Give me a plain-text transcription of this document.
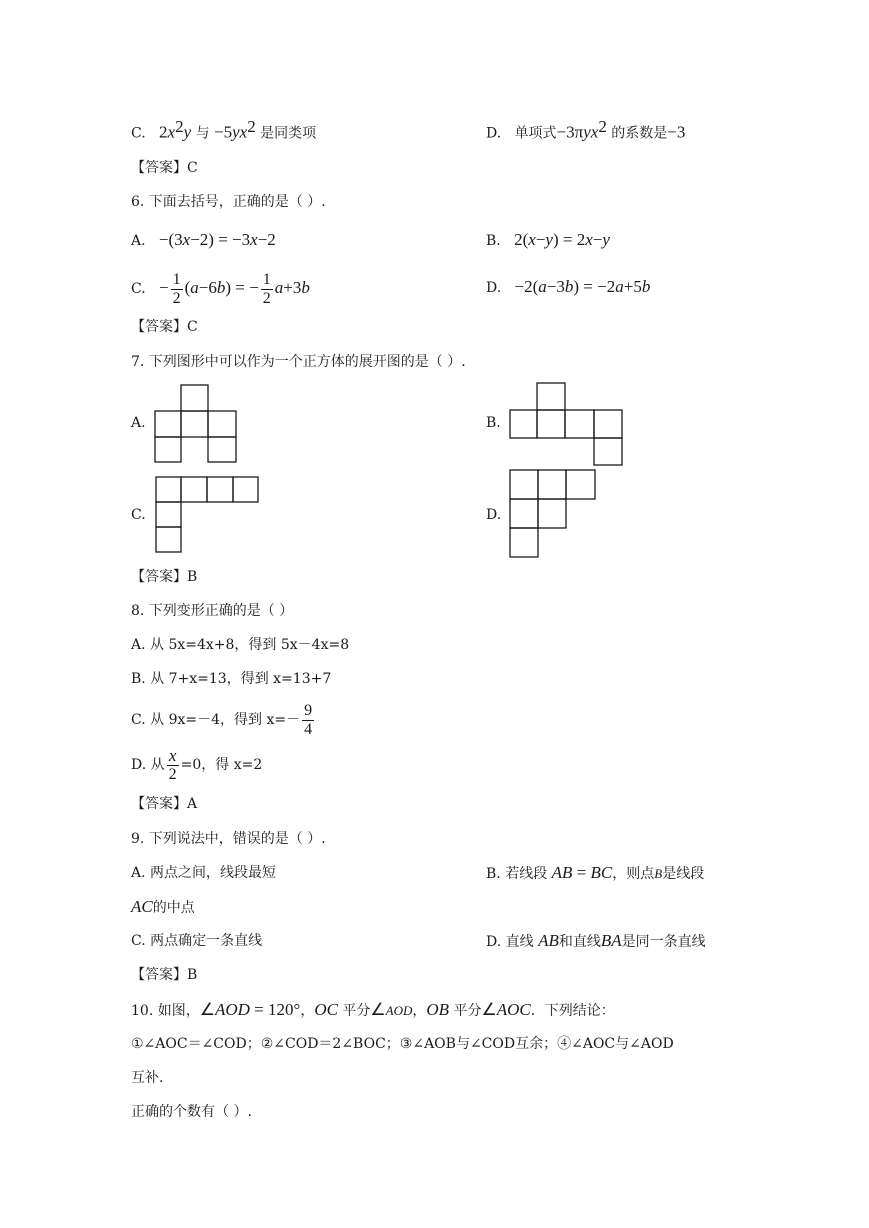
C. $2x^2y$ 与 $-5yx^2$ 是同类项	D. 单项式−3πyx$^2$ 的系数是−3
【答案】C
6. 下面去括号，正确的是（ ）.
A. −(3x−2) = −3x−2	B. 2(x−y) = 2x−y
C. − $\frac{1}{2} (a-6b)$ = − $\frac{1}{2} a+3b$	D. −2(a−3b) = −2a+5b
【答案】C
7. 下列图形中可以作为一个正方体的展开图的是（ ）.
A.	B.
C.	D.
【答案】B
8. 下列变形正确的是（ ）
A. 从 5x=4x+8，得到 5x－4x=8
B. 从 7+x=13，得到 x=13+7
C. 从 9x=－4，得到 $x=- \frac{9}{4}$
D. 从 $\frac{x}{2} =0$，得 x=2
【答案】A
9. 下列说法中，错误的是（ ）.
A. 两点之间，线段最短	B. 若线段 AB = BC，则点B是线段
AC的中点
C. 两点确定一条直线	D. 直线 AB和直线BA是同一条直线
【答案】B
10. 如图，∠AOD = 120°，OC 平分∠AOD，OB 平分∠AOC．下列结论：
①∠AOC＝∠COD；②∠COD＝2∠BOC；③∠AOB与∠COD互余；④∠AOC与∠AOD
互补.
正确的个数有（ ）.
